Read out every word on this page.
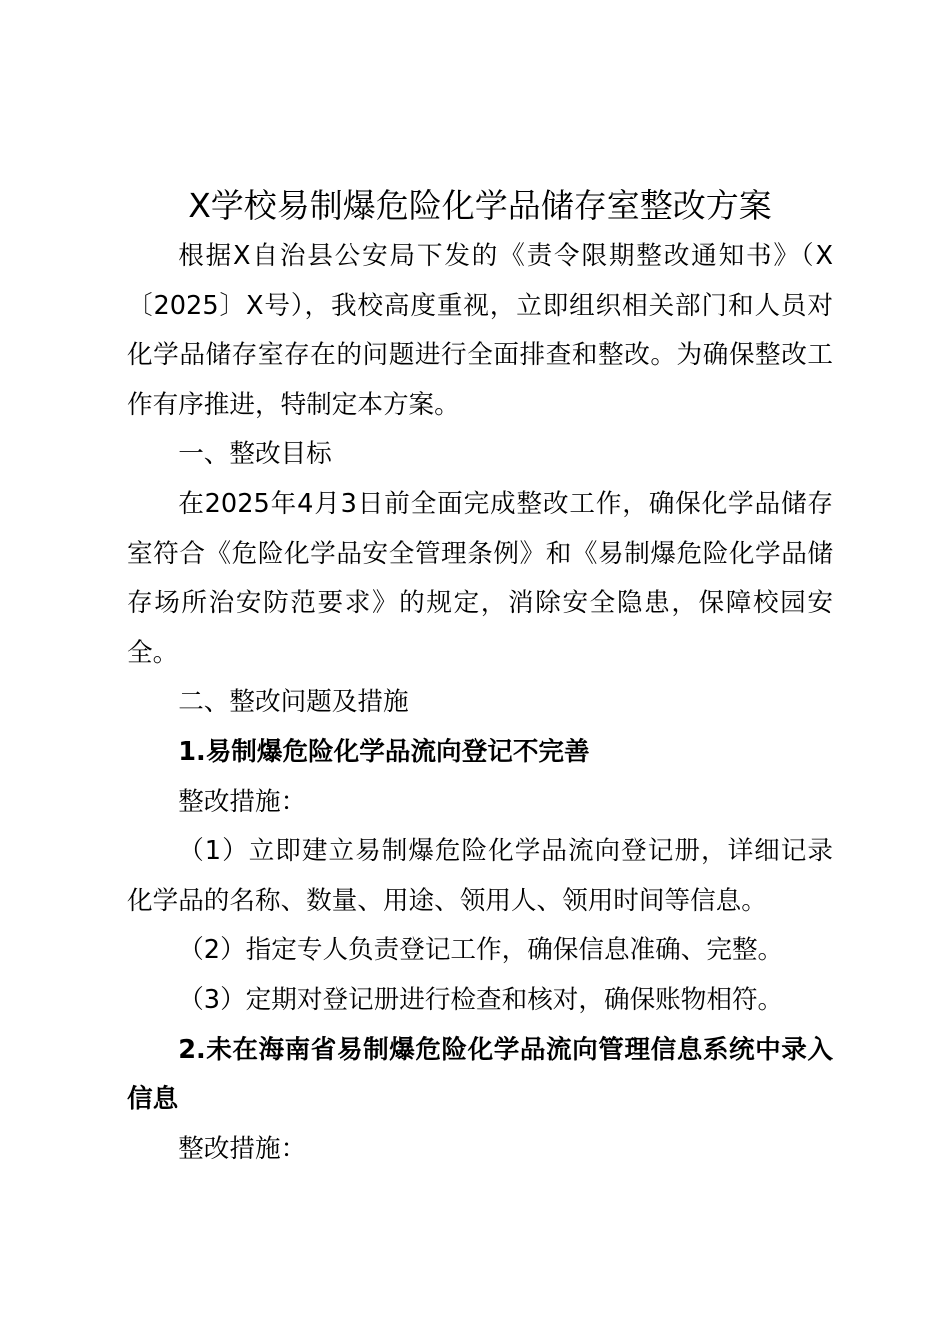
X学校易制爆危险化学品储存室整改方案

根据X自治县公安局下发的《责令限期整改通知书》（X〔2025〕X号），我校高度重视，立即组织相关部门和人员对化学品储存室存在的问题进行全面排查和整改。为确保整改工作有序推进，特制定本方案。

一、整改目标

在2025年4月3日前全面完成整改工作，确保化学品储存室符合《危险化学品安全管理条例》和《易制爆危险化学品储存场所治安防范要求》的规定，消除安全隐患，保障校园安全。

二、整改问题及措施

1.易制爆危险化学品流向登记不完善

整改措施：

（1）立即建立易制爆危险化学品流向登记册，详细记录化学品的名称、数量、用途、领用人、领用时间等信息。

（2）指定专人负责登记工作，确保信息准确、完整。

（3）定期对登记册进行检查和核对，确保账物相符。

2.未在海南省易制爆危险化学品流向管理信息系统中录入信息

整改措施：
